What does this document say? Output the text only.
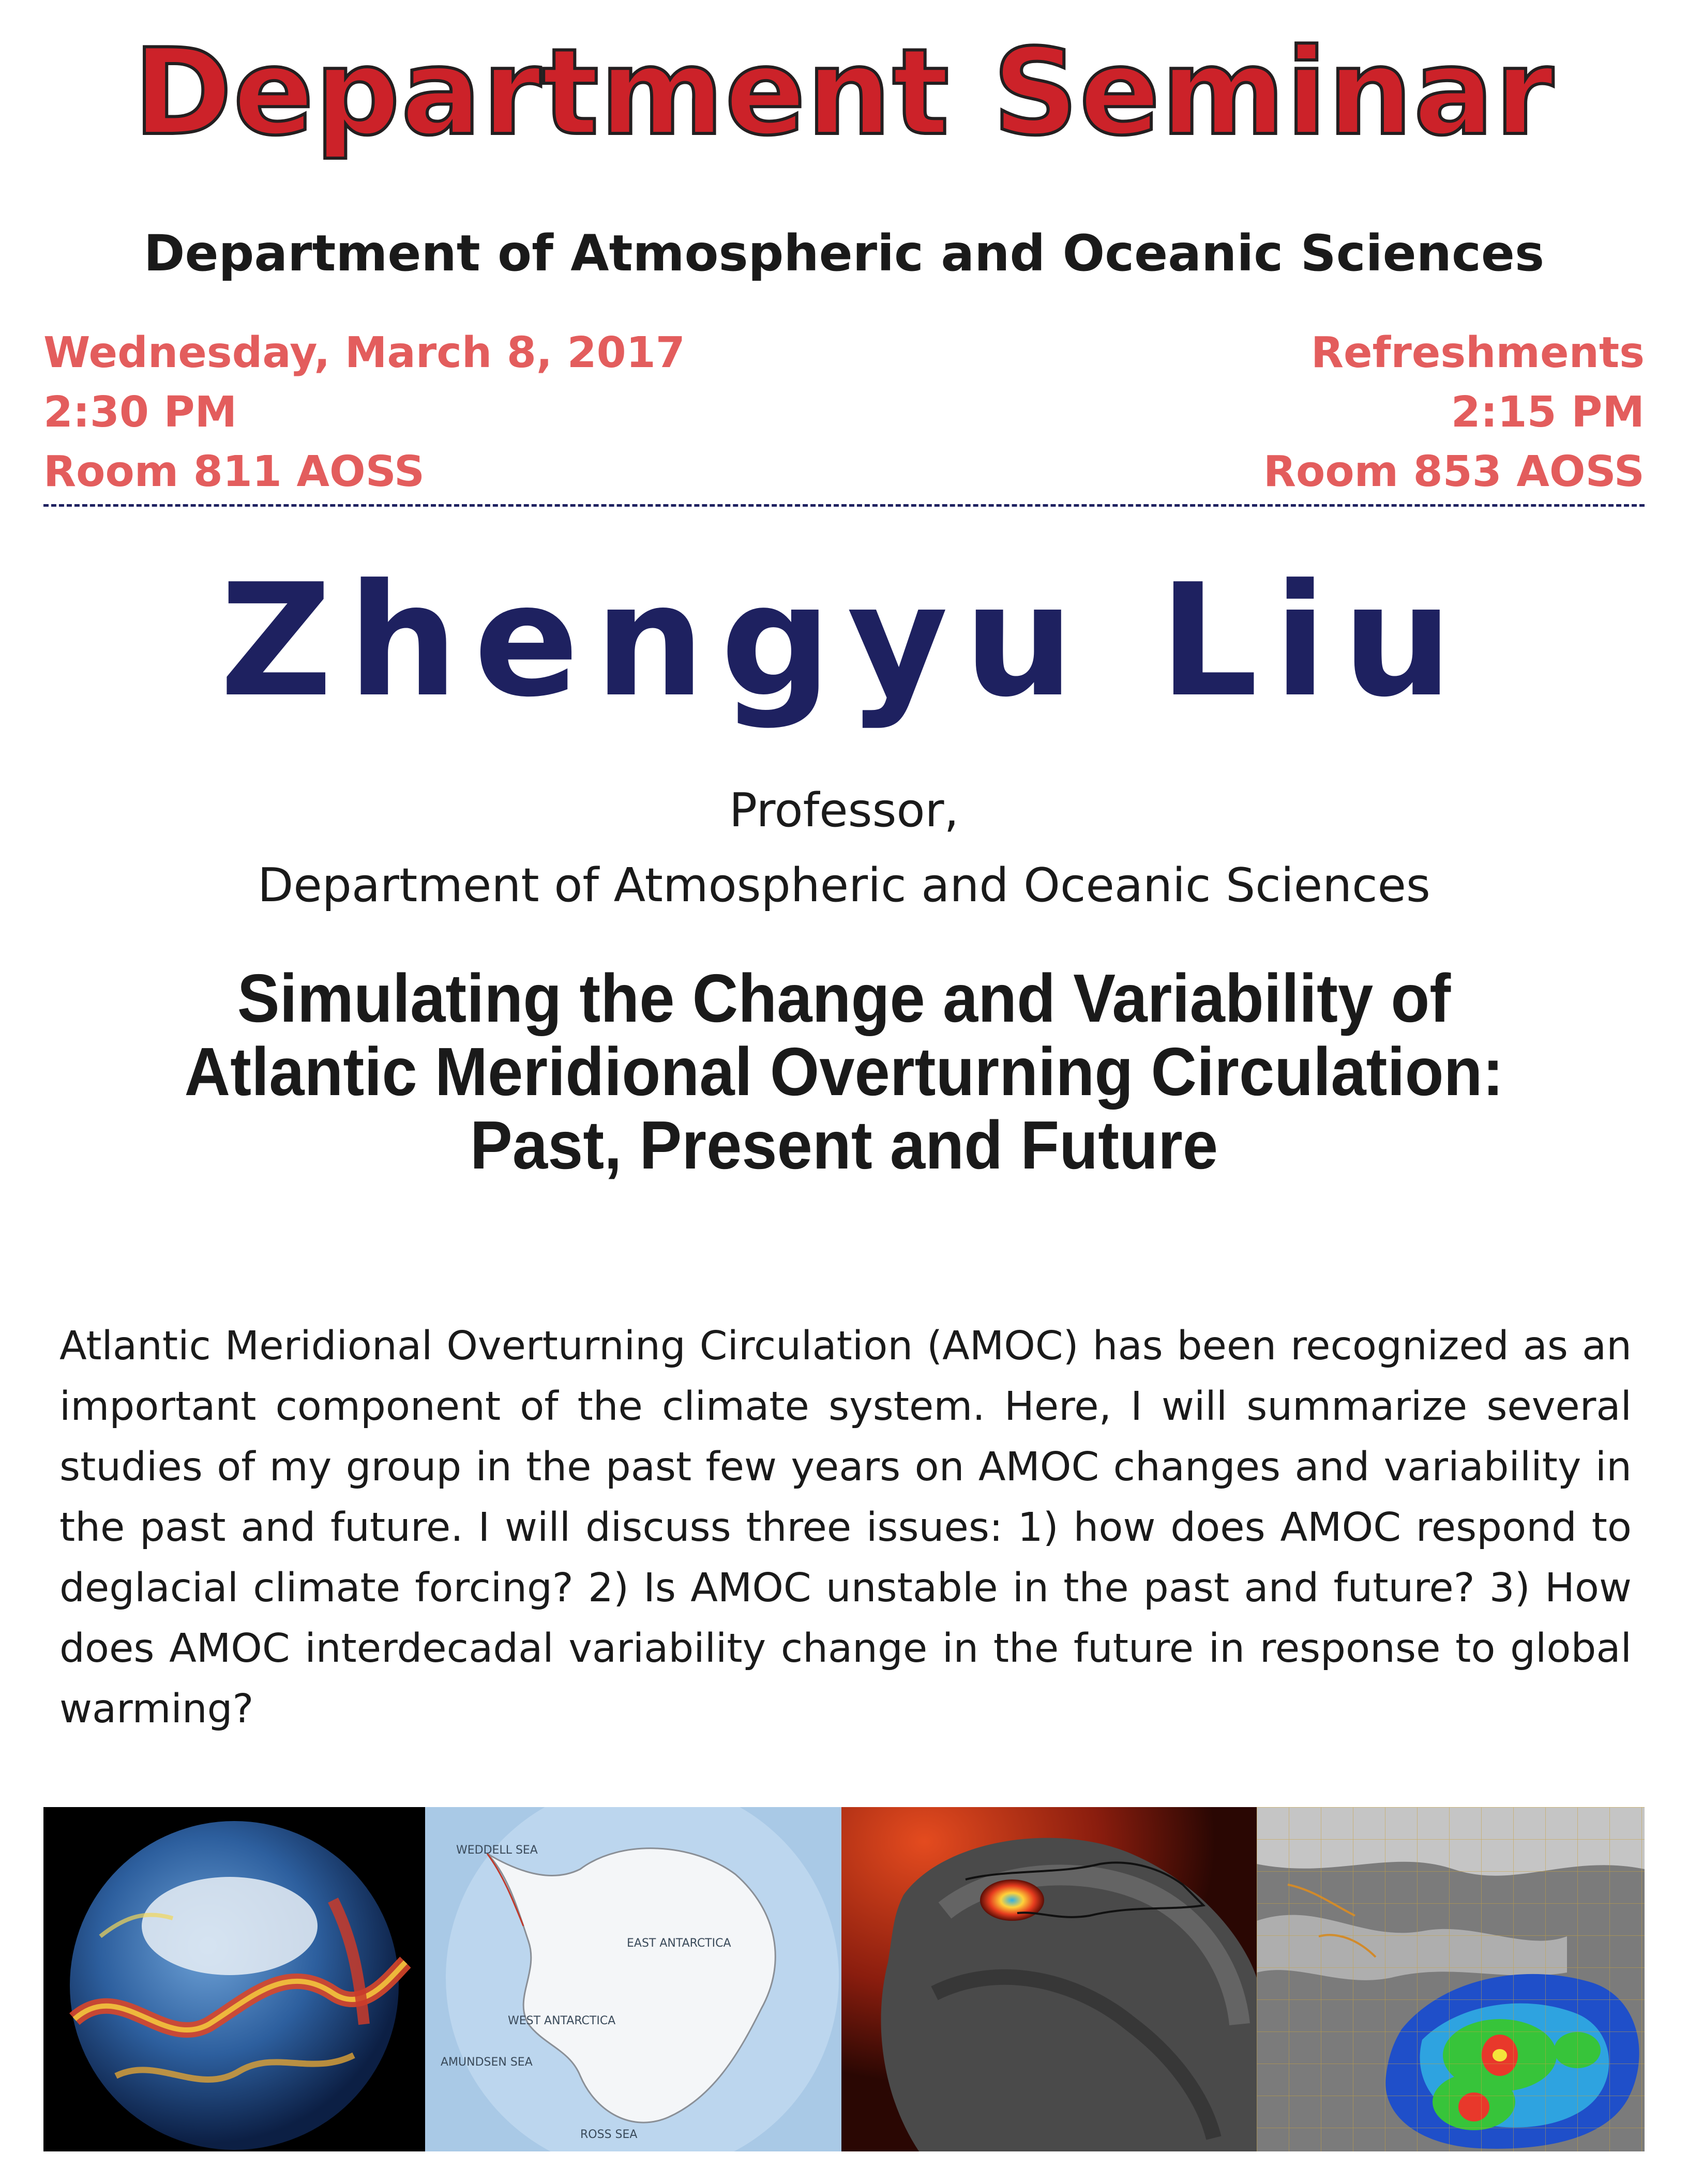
Department Seminar
Department of Atmospheric and Oceanic Sciences
Wednesday, March 8, 2017
2:30 PM
Room 811 AOSS
Refreshments
2:15 PM
Room 853 AOSS
Zhengyu Liu
Professor,
Department of Atmospheric and Oceanic Sciences
Simulating the Change and Variability of
Atlantic Meridional Overturning Circulation:
Past, Present and Future
Atlantic Meridional Overturning Circulation (AMOC) has been recognized as an important component of the climate system. Here, I will summarize several studies of my group in the past few years on AMOC changes and variability in the past and future. I will discuss three issues: 1) how does AMOC respond to deglacial climate forcing? 2) Is AMOC unstable in the past and future? 3) How does AMOC interdecadal variability change in the future in response to global warming?
WEDDELL SEA
EAST ANTARCTICA
WEST ANTARCTICA
ROSS SEA
AMUNDSEN SEA
